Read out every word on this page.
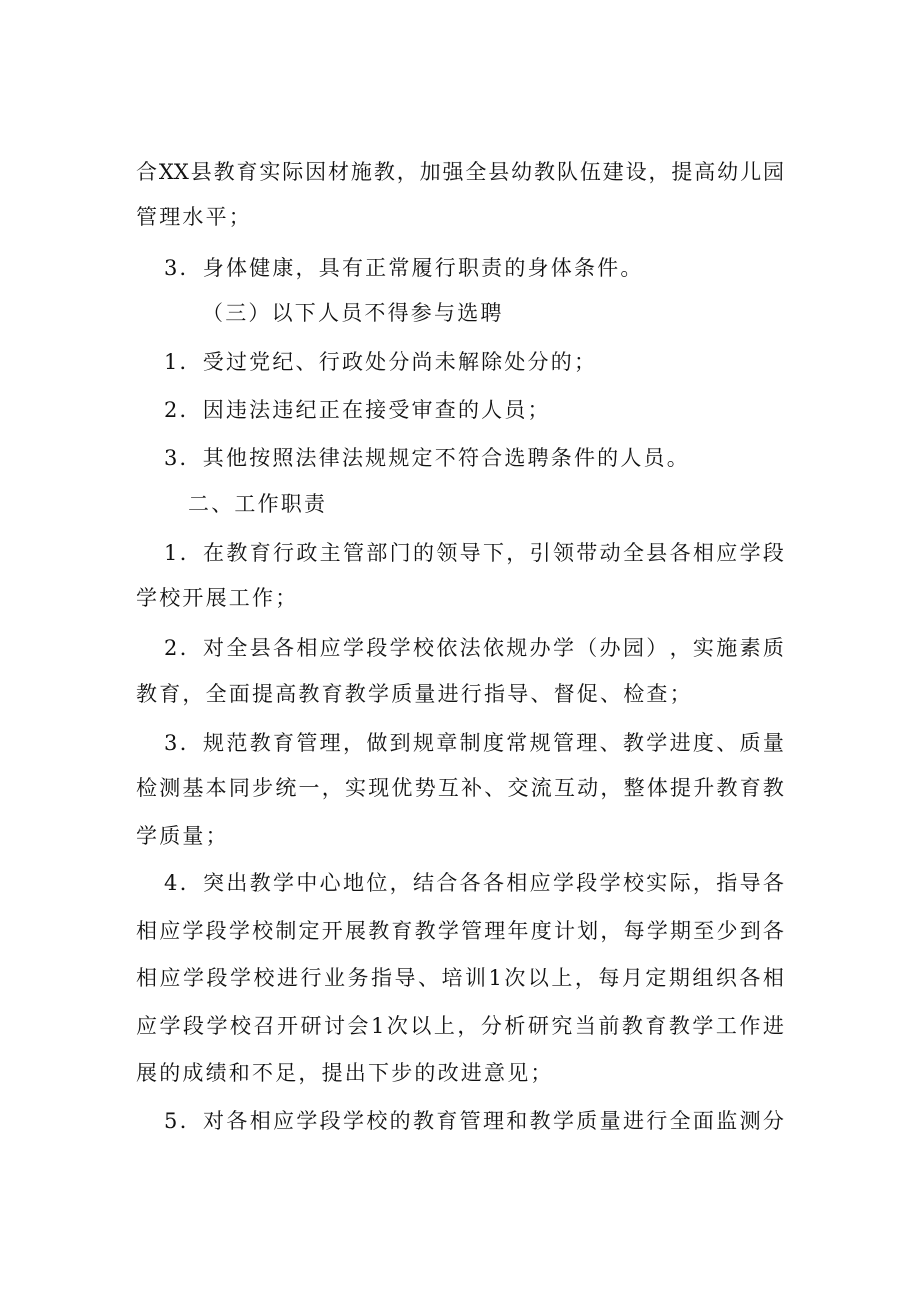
合 XX 县 教 育 实 际 因 材 施 教 ， 加 强 全 县 幼 教 队 伍 建 设 ， 提 高 幼 儿 园
管理水平；
3．身体健康，具有正常履行职责的身体条件。
（三）以下人员不得参与选聘
1．受过党纪、行政处分尚未解除处分的；
2．因违法违纪正在接受审查的人员；
3．其他按照法律法规规定不符合选聘条件的人员。
二、工作职责
1 ． 在 教 育 行 政 主 管 部 门 的 领 导 下 ， 引 领 带 动 全 县 各 相 应 学 段
学校开展工作；
2 ． 对 全 县 各 相 应 学 段 学 校 依 法 依 规 办 学 （ 办 园 ） ， 实 施 素 质
教育，全面提高教育教学质量进行指导、督促、检查；
3 ． 规 范 教 育 管 理 ， 做 到 规 章 制 度 常 规 管 理 、 教 学 进 度 、 质 量
检 测 基 本 同 步 统 一 ， 实 现 优 势 互 补 、 交 流 互 动 ， 整 体 提 升 教 育 教
学质量；
4 ． 突 出 教 学 中 心 地 位 ， 结 合 各 各 相 应 学 段 学 校 实 际 ， 指 导 各
相 应 学 段 学 校 制 定 开 展 教 育 教 学 管 理 年 度 计 划 ， 每 学 期 至 少 到 各
相 应 学 段 学 校 进 行 业 务 指 导 、 培 训 1 次 以 上 ， 每 月 定 期 组 织 各 相
应 学 段 学 校 召 开 研 讨 会 1 次 以 上 ， 分 析 研 究 当 前 教 育 教 学 工 作 进
展的成绩和不足，提出下步的改进意见；
5 ． 对 各 相 应 学 段 学 校 的 教 育 管 理 和 教 学 质 量 进 行 全 面 监 测 分
